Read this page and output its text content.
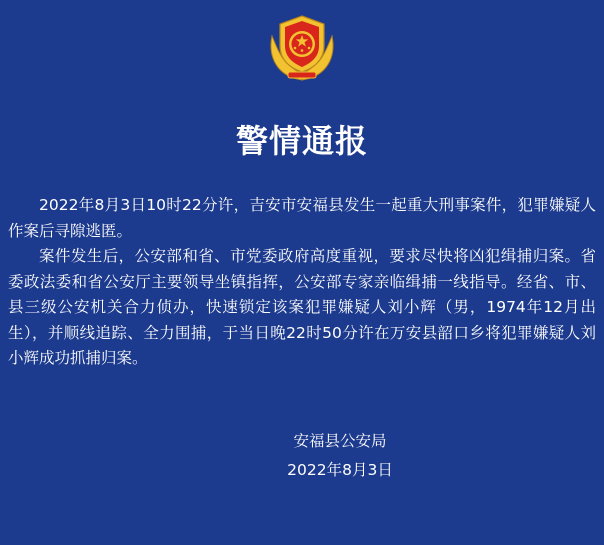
警情通报

2022年8月3日10时22分许，吉安市安福县发生一起重大刑事案件，犯罪嫌疑人作案后寻隙逃匿。

案件发生后，公安部和省、市党委政府高度重视，要求尽快将凶犯缉捕归案。省委政法委和省公安厅主要领导坐镇指挥，公安部专家亲临缉捕一线指导。经省、市、县三级公安机关合力侦办，快速锁定该案犯罪嫌疑人刘小辉（男，1974年12月出生），并顺线追踪、全力围捕，于当日晚22时50分许在万安县韶口乡将犯罪嫌疑人刘小辉成功抓捕归案。

安福县公安局
2022年8月3日
